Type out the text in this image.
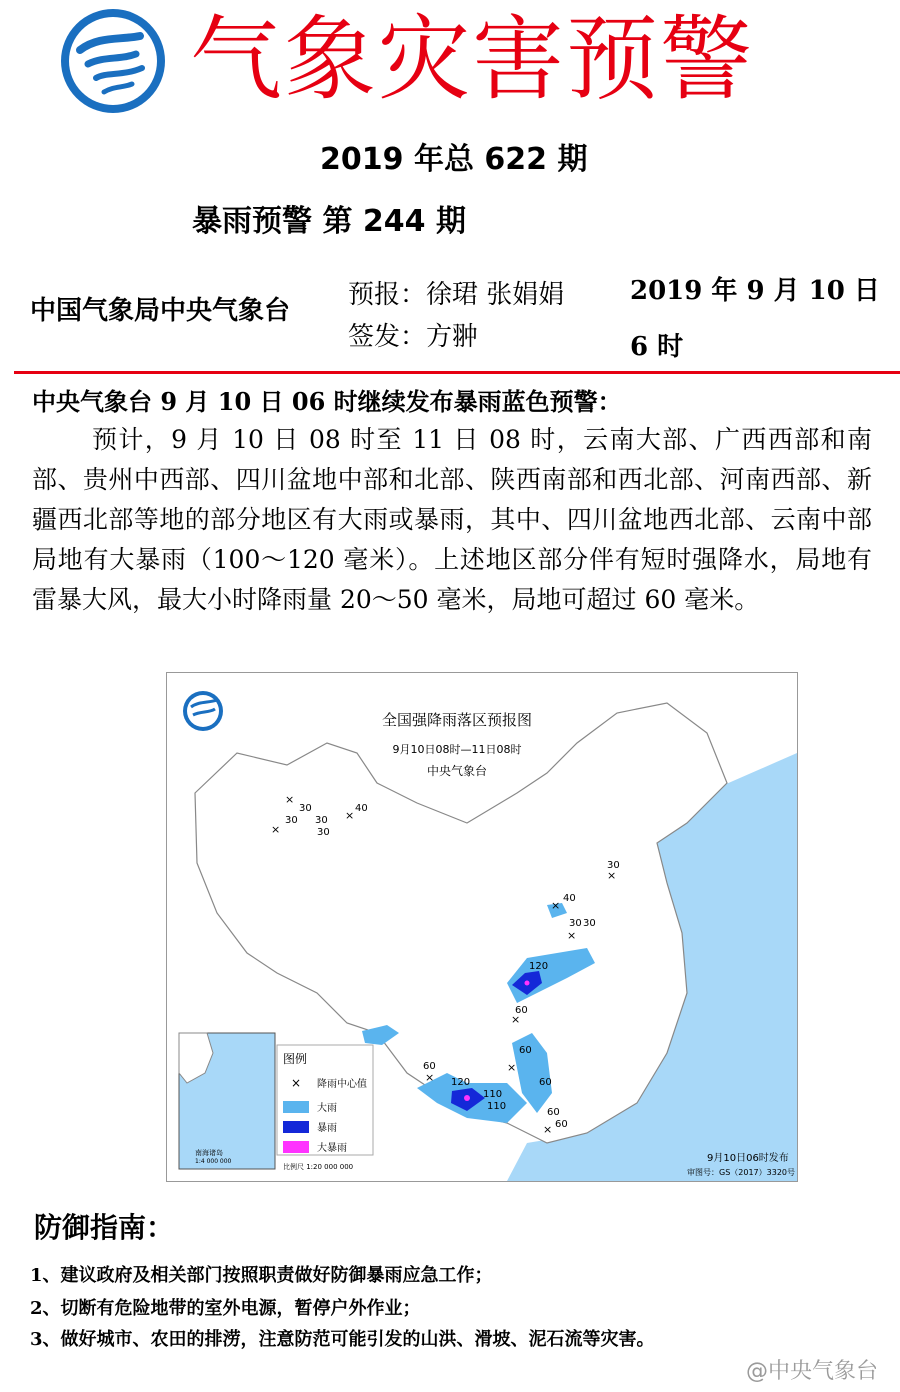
气象灾害预警
2019 年总 622 期
暴雨预警 第 244 期
中国气象局中央气象台
预报：徐珺 张娟娟
签发：方翀
2019 年 9 月 10 日 6 时
中央气象台 9 月 10 日 06 时继续发布暴雨蓝色预警：

预计，9 月 10 日 08 时至 11 日 08 时，云南大部、广西西部和南部、贵州中西部、四川盆地中部和北部、陕西南部和西北部、河南西部、新疆西北部等地的部分地区有大雨或暴雨，其中、四川盆地西北部、云南中部局地有大暴雨（100～120 毫米）。上述地区部分伴有短时强降水，局地有雷暴大风，最大小时降雨量 20～50 毫米，局地可超过 60 毫米。

30
30
30
30
40
30
40
30 30
120
60
60
60
60
120
110
110
60
60
×
×
×
×
×
×
×
×
×
×
全国强降雨落区预报图
9月10日08时—11日08时
中央气象台
南海诸岛
1:4 000 000
图例
× 降雨中心值
大雨
暴雨
大暴雨
比例尺 1:20 000 000
9月10日06时发布
审图号：GS（2017）3320号
防御指南：
1、建议政府及相关部门按照职责做好防御暴雨应急工作；
2、切断有危险地带的室外电源，暂停户外作业；
3、做好城市、农田的排涝，注意防范可能引发的山洪、滑坡、泥石流等灾害。
@中央气象台
